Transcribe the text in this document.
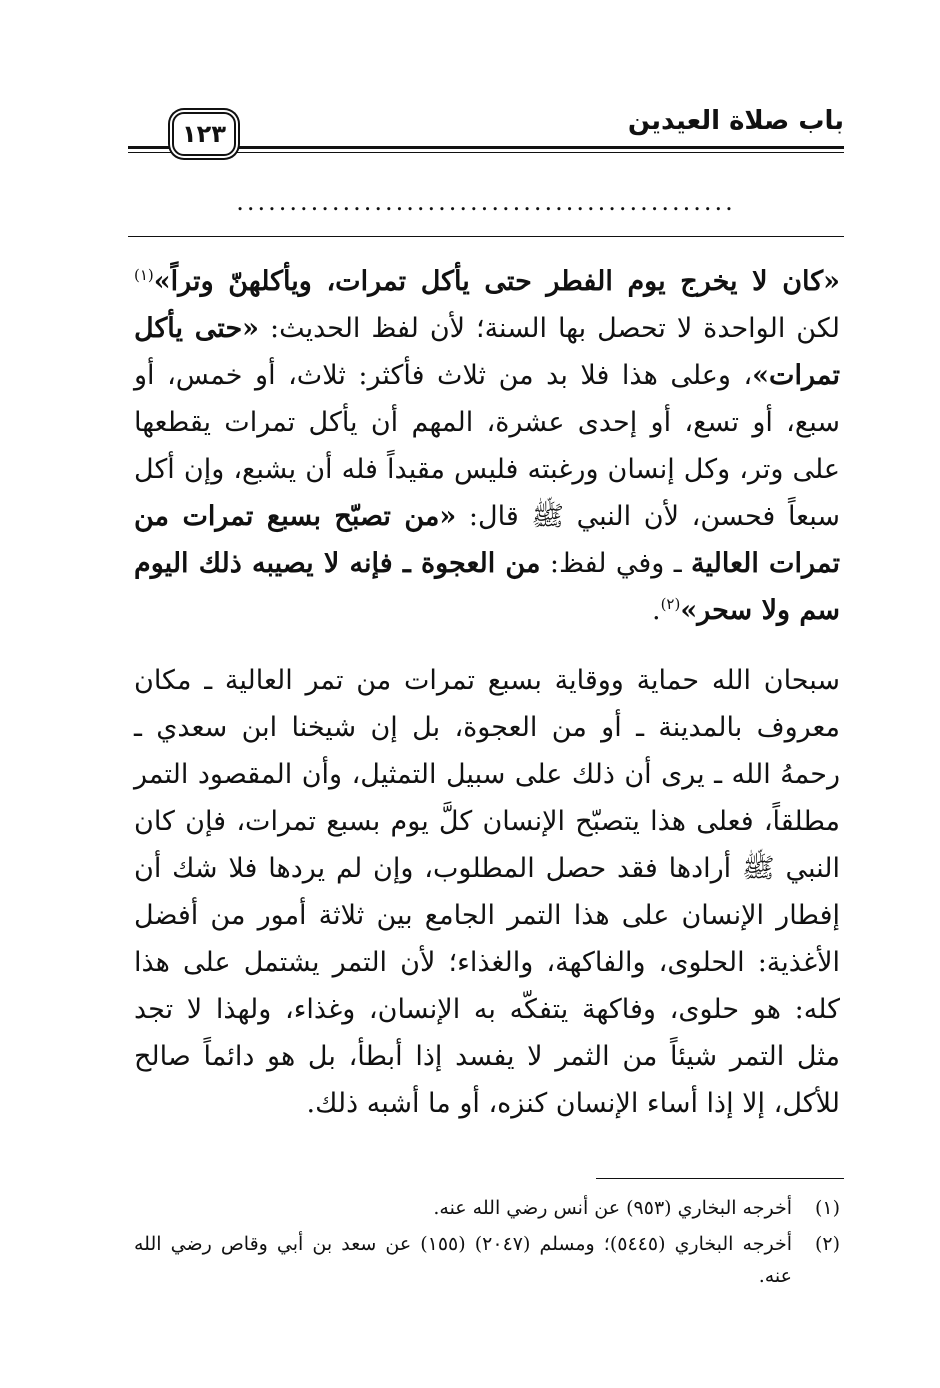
باب صلاة العيدين
١٢٣
...............................................

«كان لا يخرج يوم الفطر حتى يأكل تمرات، ويأكلهنّ وتراً»$^{(١)}$ لكن الواحدة لا تحصل بها السنة؛ لأن لفظ الحديث: «حتى يأكل تمرات»، وعلى هذا فلا بد من ثلاث فأكثر: ثلاث، أو خمس، أو سبع، أو تسع، أو إحدى عشرة، المهم أن يأكل تمرات يقطعها على وتر، وكل إنسان ورغبته فليس مقيداً فله أن يشبع، وإن أكل سبعاً فحسن، لأن النبي ﷺ قال: «من تصبّح بسبع تمرات من تمرات العالية ـ وفي لفظ: من العجوة ـ فإنه لا يصيبه ذلك اليوم سم ولا سحر»$^{(٢)}$.

سبحان الله حماية ووقاية بسبع تمرات من تمر العالية ـ مكان معروف بالمدينة ـ أو من العجوة، بل إن شيخنا ابن سعدي ـ رحمهُ الله ـ يرى أن ذلك على سبيل التمثيل، وأن المقصود التمر مطلقاً، فعلى هذا يتصبّح الإنسان كلَّ يوم بسبع تمرات، فإن كان النبي ﷺ أرادها فقد حصل المطلوب، وإن لم يردها فلا شك أن إفطار الإنسان على هذا التمر الجامع بين ثلاثة أمور من أفضل الأغذية: الحلوى، والفاكهة، والغذاء؛ لأن التمر يشتمل على هذا كله: هو حلوى، وفاكهة يتفكّه به الإنسان، وغذاء، ولهذا لا تجد مثل التمر شيئاً من الثمر لا يفسد إذا أبطأ، بل هو دائماً صالح للأكل، إلا إذا أساء الإنسان كنزه، أو ما أشبه ذلك.

(١)
أخرجه البخاري (٩٥٣) عن أنس رضي الله عنه.
(٢)
أخرجه البخاري (٥٤٤٥)؛ ومسلم (٢٠٤٧) (١٥٥) عن سعد بن أبي وقاص رضي الله عنه.
